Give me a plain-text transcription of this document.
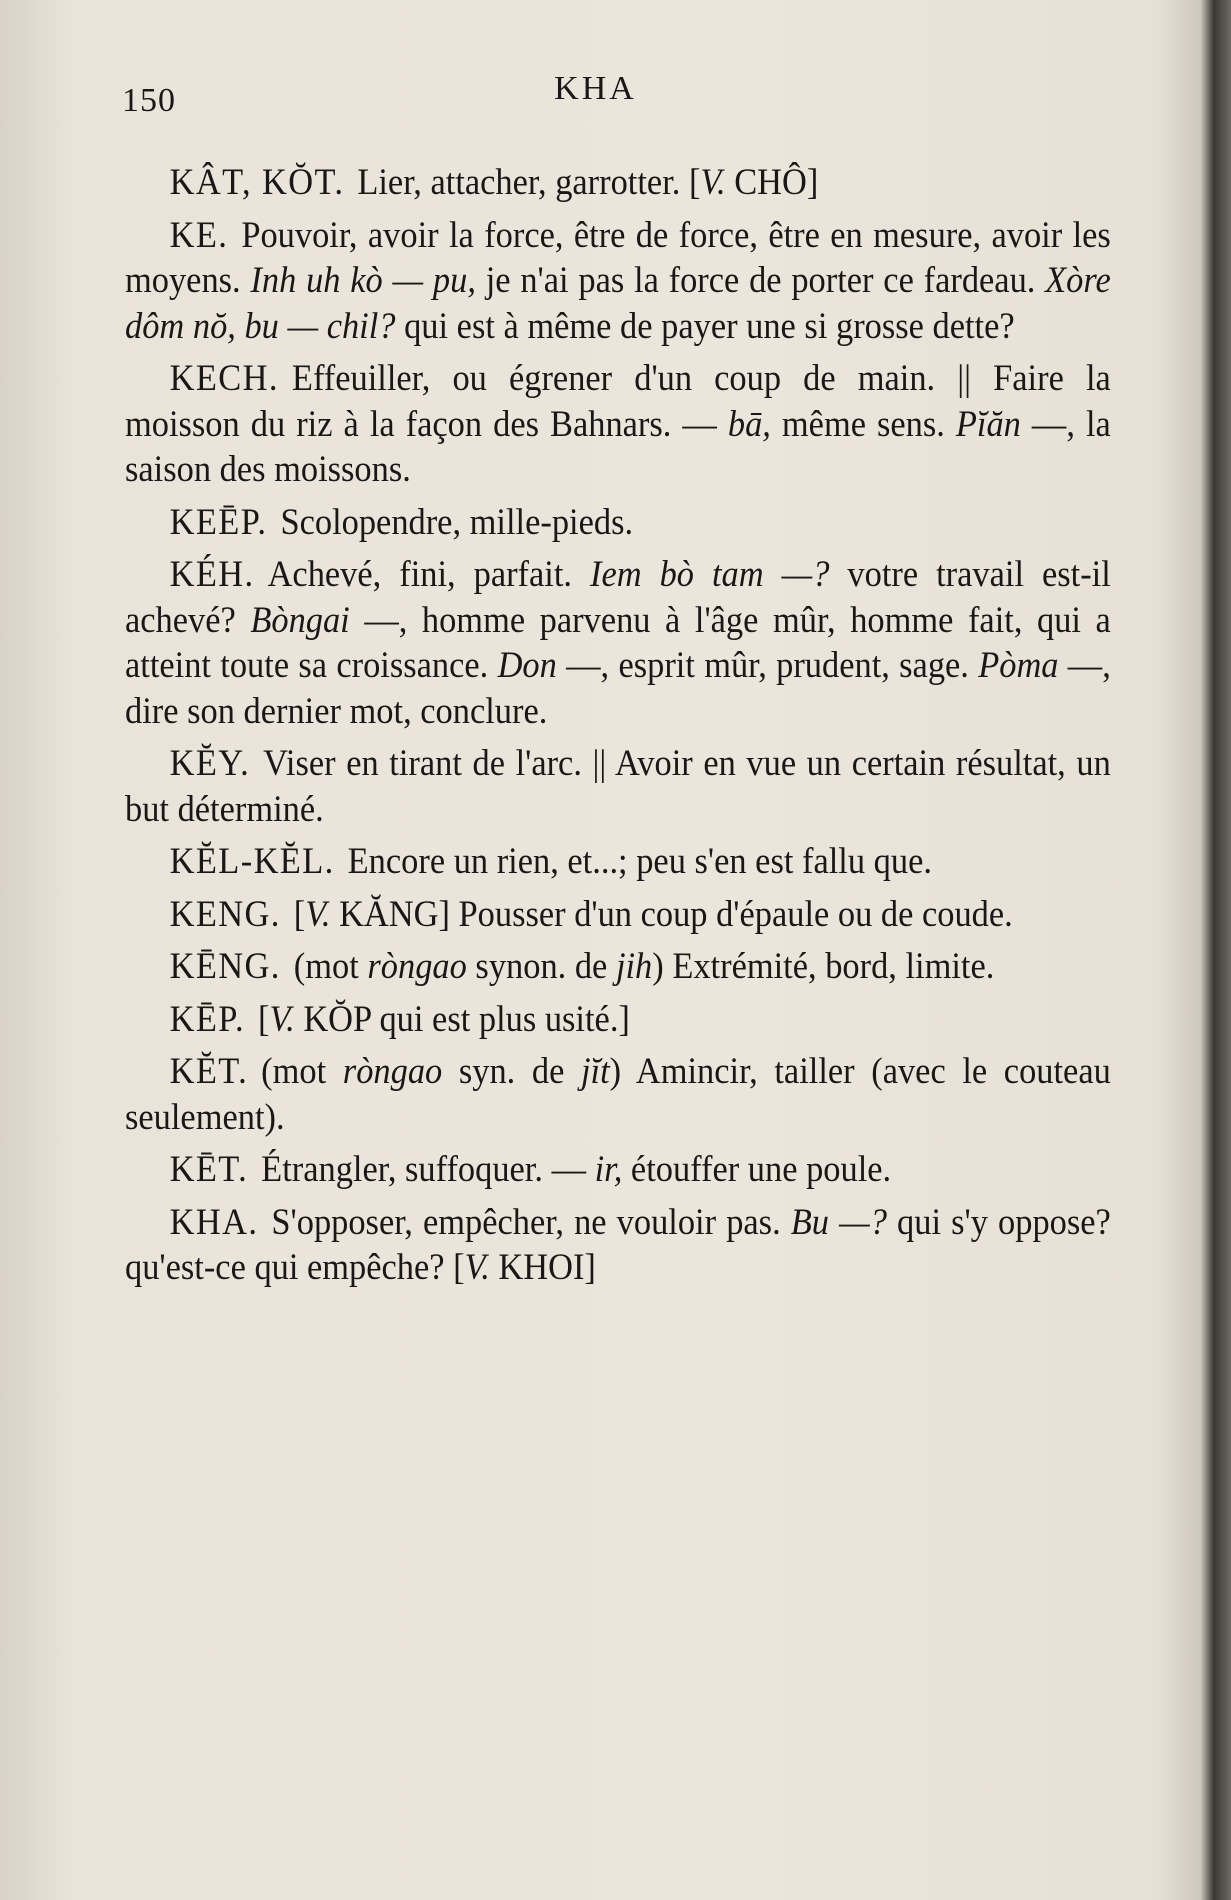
150	KHA

KÂT, KŎT. Lier, attacher, garrotter. [V. CHÔ]

KE. Pouvoir, avoir la force, être de force, être en mesure, avoir les moyens. Inh uh kò — pu, je n'ai pas la force de porter ce fardeau. Xòre dôm nŏ, bu — chil? qui est à même de payer une si grosse dette?

KECH. Effeuiller, ou égrener d'un coup de main. || Faire la moisson du riz à la façon des Bahnars. — bā, même sens. Pĭăn —, la saison des moissons.

KEĒP. Scolopendre, mille-pieds.

KÉH. Achevé, fini, parfait. Iem bò tam —? votre travail est-il achevé? Bòngai —, homme parvenu à l'âge mûr, homme fait, qui a atteint toute sa croissance. Don —, esprit mûr, prudent, sage. Pòma —, dire son dernier mot, conclure.

KĔY. Viser en tirant de l'arc. || Avoir en vue un certain résultat, un but déterminé.

KĔL-KĔL. Encore un rien, et...; peu s'en est fallu que.

KENG. [V. KĂNG] Pousser d'un coup d'épaule ou de coude.

KĒNG. (mot ròngao synon. de jih) Extrémité, bord, limite.

KĒP. [V. KŎP qui est plus usité.]

KĔT. (mot ròngao syn. de jĭt) Amincir, tailler (avec le couteau seulement).

KĒT. Étrangler, suffoquer. — ir, étouffer une poule.

KHA. S'opposer, empêcher, ne vouloir pas. Bu —? qui s'y oppose? qu'est-ce qui empêche? [V. KHOI]
